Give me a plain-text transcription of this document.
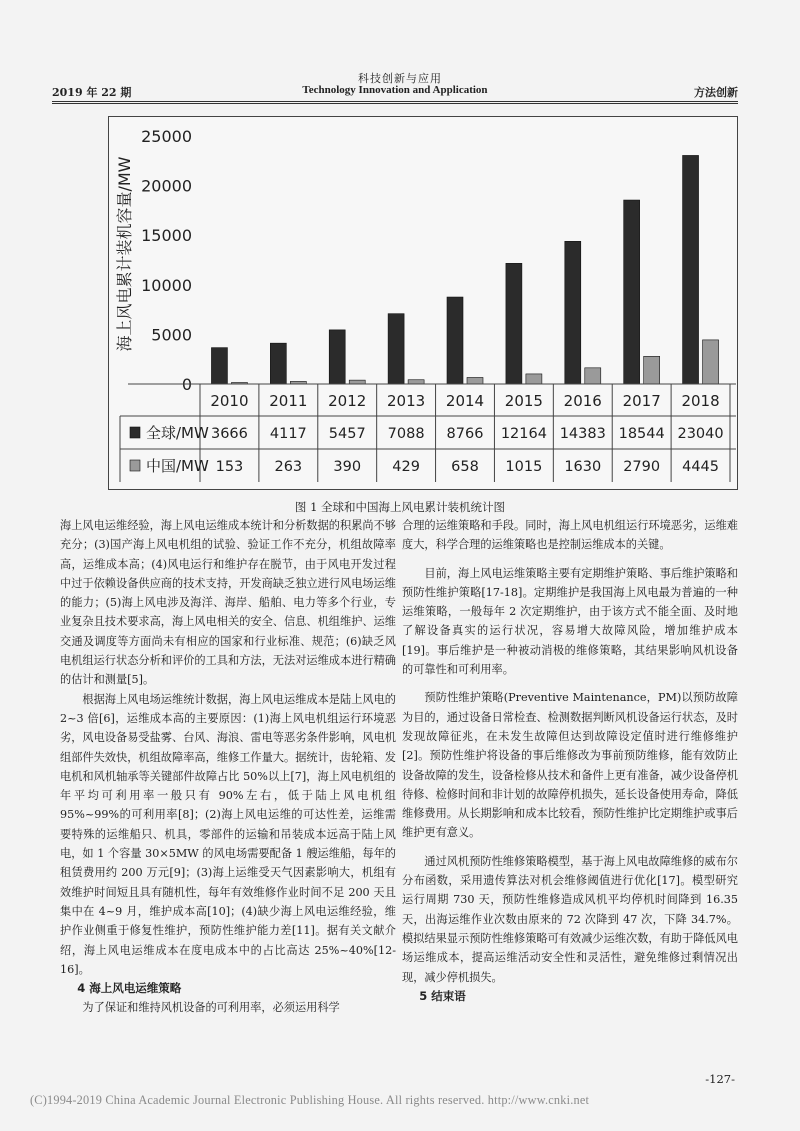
科技创新与应用
2019 年 22 期	Technology Innovation and Application	方法创新
0
5000
10000
15000
20000
25000
海上风电累计装机容量/MW
2010 2011 2012 2013 2014 2015 2016 2017 2018
全球/MW 3666 4117 5457 7088 8766 12164 14383 18544 23040
中国/MW 153 263 390 429 658 1015 1630 2790 4445
图 1 全球和中国海上风电累计装机统计图

海上风电运维经验，海上风电运维成本统计和分析数据的积累尚不够充分；(3)国产海上风电机组的试验、验证工作不充分，机组故障率高，运维成本高；(4)风电运行和维护存在脱节，由于风电开发过程中过于依赖设备供应商的技术支持，开发商缺乏独立进行风电场运维的能力；(5)海上风电涉及海洋、海岸、船舶、电力等多个行业，专业复杂且技术要求高，海上风电相关的安全、信息、机组维护、运维交通及调度等方面尚未有相应的国家和行业标准、规范；(6)缺乏风电机组运行状态分析和评价的工具和方法，无法对运维成本进行精确的估计和测量[5]。

根据海上风电场运维统计数据，海上风电运维成本是陆上风电的 2~3 倍[6]，运维成本高的主要原因：(1)海上风电机组运行环境恶劣，风电设备易受盐雾、台风、海浪、雷电等恶劣条件影响，风电机组部件失效快，机组故障率高，维修工作量大。据统计，齿轮箱、发电机和风机轴承等关键部件故障占比 50%以上[7]，海上风电机组的年平均可利用率一般只有 90%左右，低于陆上风电机组 95%~99%的可利用率[8]；(2)海上风电运维的可达性差，运维需要特殊的运维船只、机具，零部件的运输和吊装成本远高于陆上风电，如 1 个容量 30×5MW 的风电场需要配备 1 艘运维船，每年的租赁费用约 200 万元[9]；(3)海上运维受天气因素影响大，机组有效维护时间短且具有随机性，每年有效维修作业时间不足 200 天且集中在 4~9 月，维护成本高[10]；(4)缺少海上风电运维经验，维护作业侧重于修复性维护，预防性维护能力差[11]。据有关文献介绍，海上风电运维成本在度电成本中的占比高达 25%~40%[12-16]。

4 海上风电运维策略

为了保证和维持风机设备的可利用率，必须运用科学

合理的运维策略和手段。同时，海上风电机组运行环境恶劣，运维难度大，科学合理的运维策略也是控制运维成本的关键。

目前，海上风电运维策略主要有定期维护策略、事后维护策略和预防性维护策略[17-18]。定期维护是我国海上风电最为普遍的一种运维策略，一般每年 2 次定期维护，由于该方式不能全面、及时地了解设备真实的运行状况，容易增大故障风险，增加维护成本[19]。事后维护是一种被动消极的维修策略，其结果影响风机设备的可靠性和可利用率。

预防性维护策略(Preventive Maintenance，PM)以预防故障为目的，通过设备日常检查、检测数据判断风机设备运行状态，及时发现故障征兆，在未发生故障但达到故障设定值时进行维修维护[2]。预防性维护将设备的事后维修改为事前预防维修，能有效防止设备故障的发生，设备检修从技术和备件上更有准备，减少设备停机待修、检修时间和非计划的故障停机损失，延长设备使用寿命，降低维修费用。从长期影响和成本比较看，预防性维护比定期维护或事后维护更有意义。

通过风机预防性维修策略模型，基于海上风电故障维修的威布尔分布函数，采用遗传算法对机会维修阈值进行优化[17]。模型研究运行周期 730 天，预防性维修造成风机平均停机时间降到 16.35 天，出海运维作业次数由原来的 72 次降到 47 次，下降 34.7%。模拟结果显示预防性维修策略可有效减少运维次数，有助于降低风电场运维成本，提高运维活动安全性和灵活性，避免维修过剩情况出现，减少停机损失。

5 结束语
-127-
(C)1994-2019 China Academic Journal Electronic Publishing House. All rights reserved. http://www.cnki.net
